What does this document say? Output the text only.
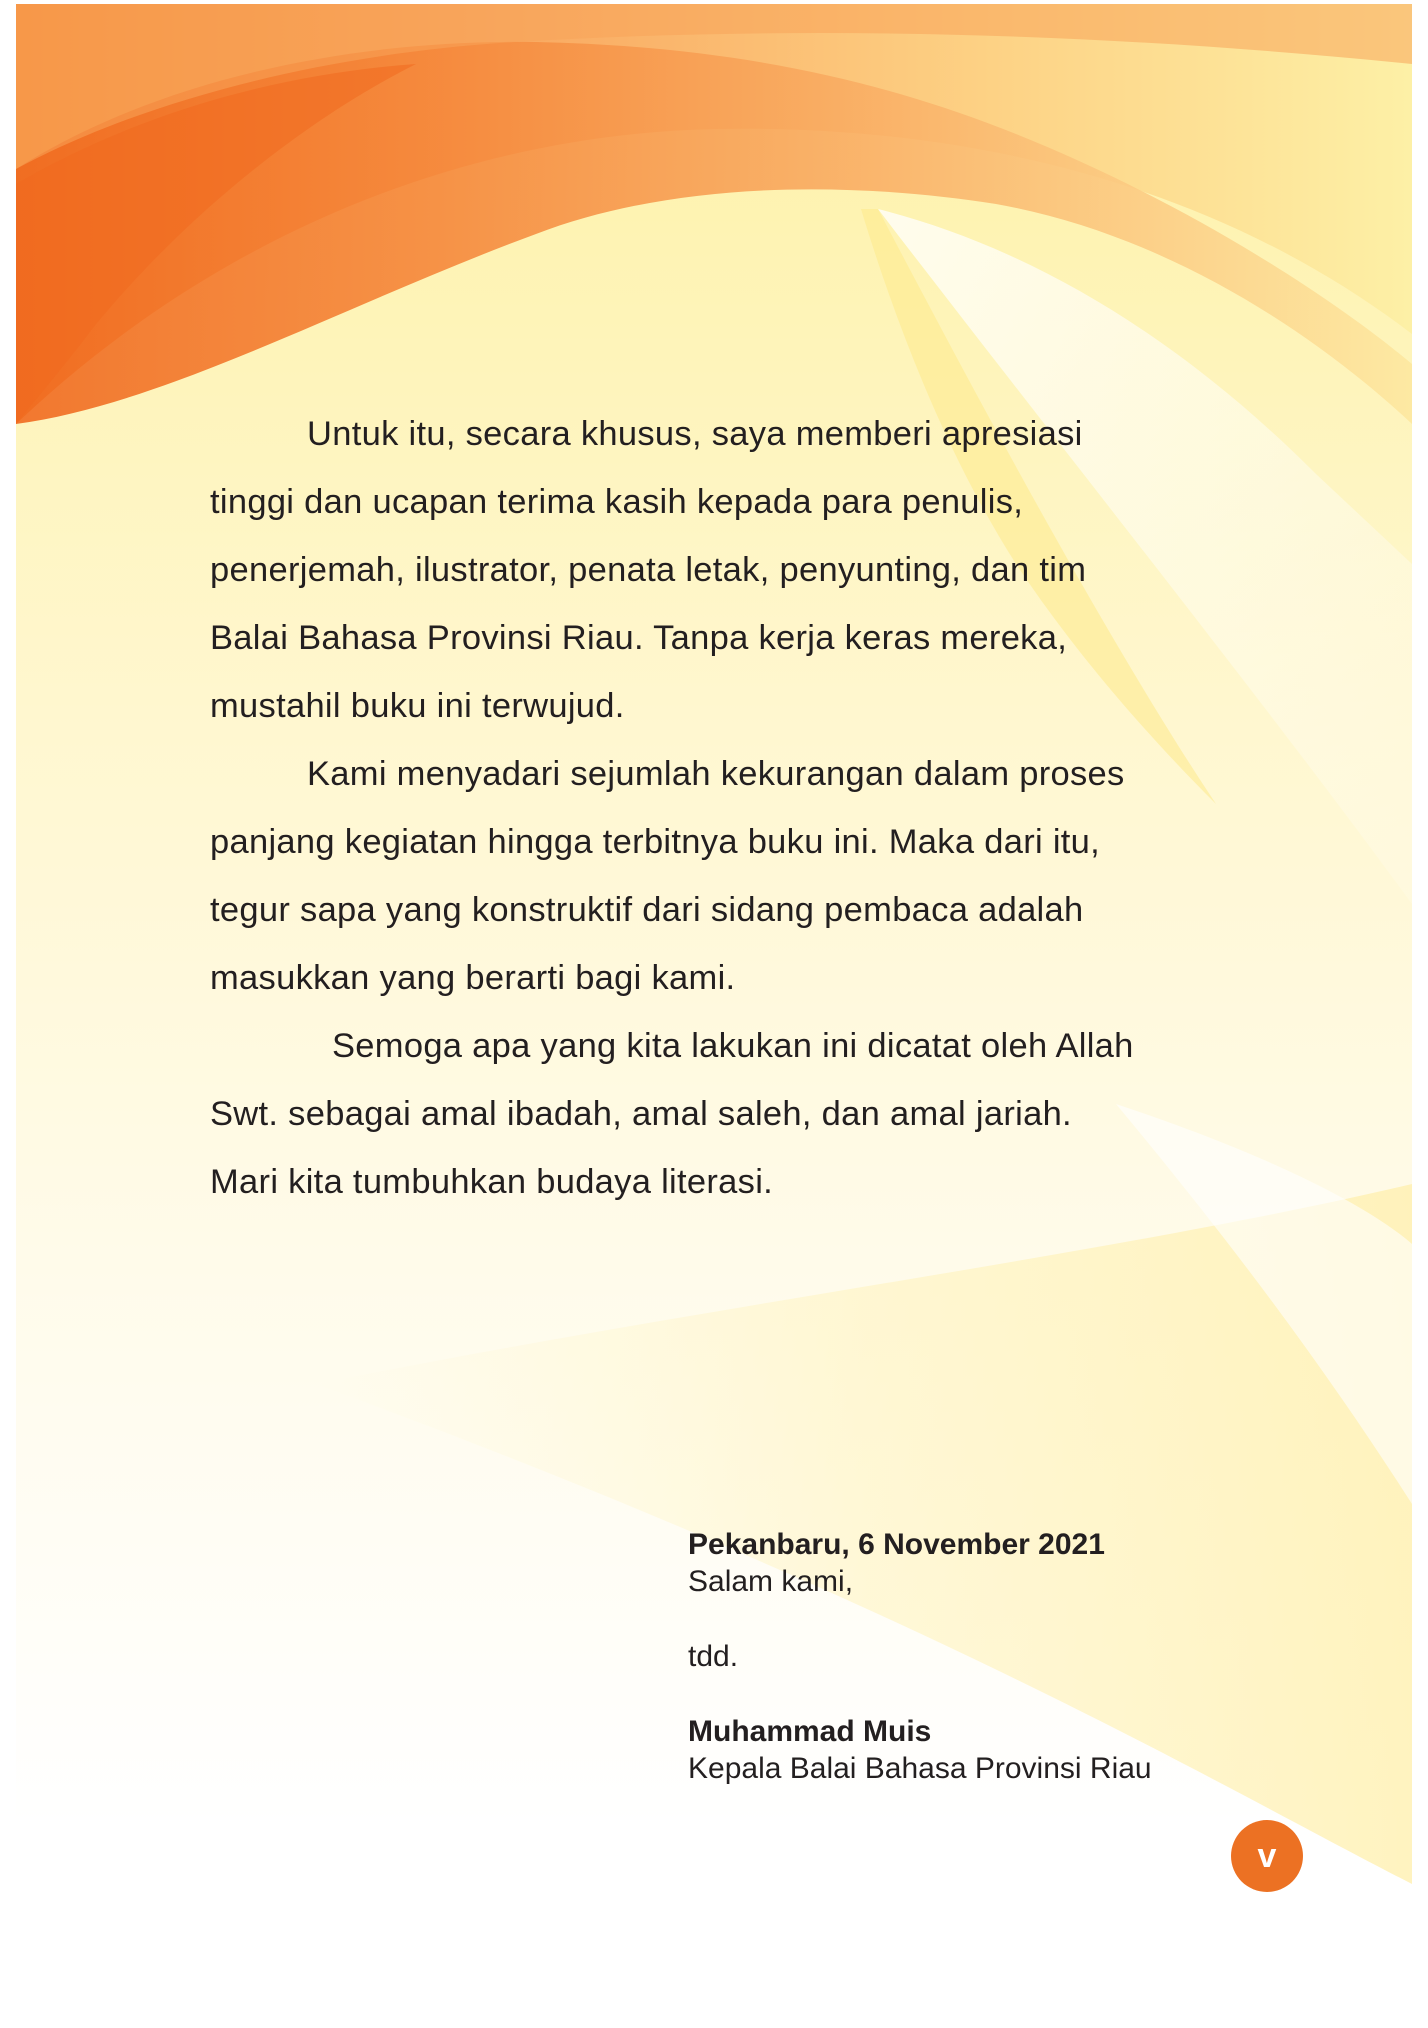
Untuk itu, secara khusus, saya memberi apresiasi
tinggi dan ucapan terima kasih kepada para penulis,
penerjemah, ilustrator, penata letak, penyunting, dan tim
Balai Bahasa Provinsi Riau. Tanpa kerja keras mereka,
mustahil buku ini terwujud.

Kami menyadari sejumlah kekurangan dalam proses
panjang kegiatan hingga terbitnya buku ini. Maka dari itu,
tegur sapa yang konstruktif dari sidang pembaca adalah
masukkan yang berarti bagi kami.

Semoga apa yang kita lakukan ini dicatat oleh Allah
Swt. sebagai amal ibadah, amal saleh, dan amal jariah.
Mari kita tumbuhkan budaya literasi.

Pekanbaru, 6 November 2021
Salam kami,
tdd.
Muhammad Muis
Kepala Balai Bahasa Provinsi Riau
v
